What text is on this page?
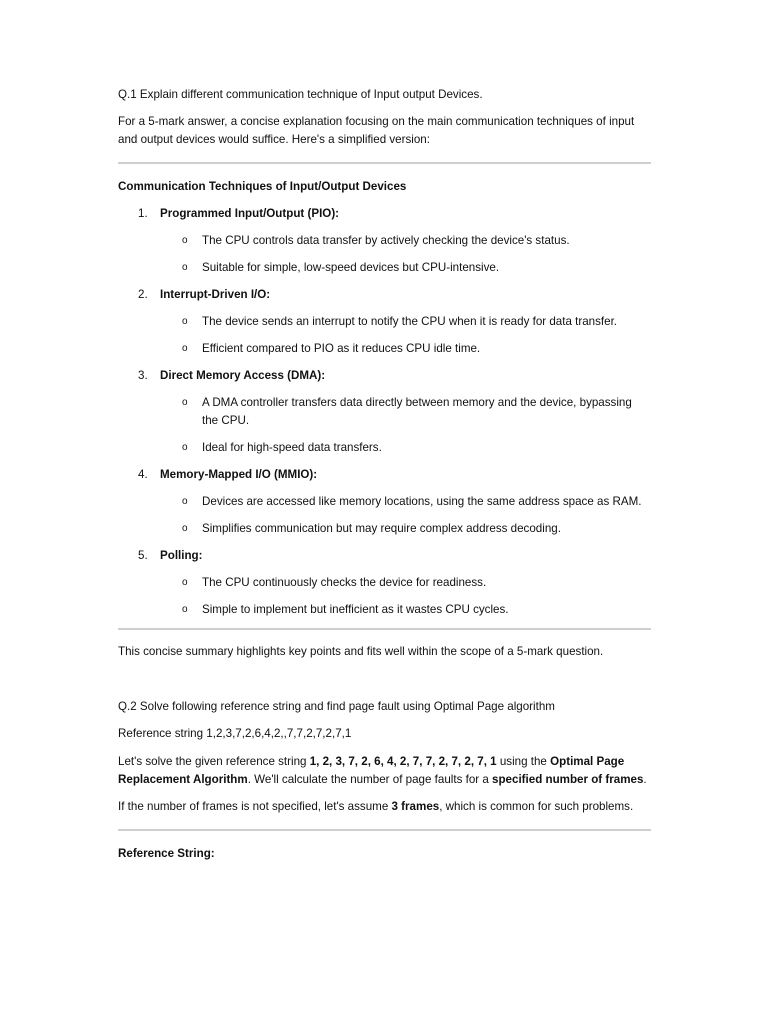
Q.1 Explain different communication technique of Input output Devices.

For a 5-mark answer, a concise explanation focusing on the main communication techniques of input and output devices would suffice. Here's a simplified version:

Communication Techniques of Input/Output Devices

1. Programmed Input/Output (PIO):
o The CPU controls data transfer by actively checking the device's status.
o Suitable for simple, low-speed devices but CPU-intensive.
2. Interrupt-Driven I/O:
o The device sends an interrupt to notify the CPU when it is ready for data transfer.
o Efficient compared to PIO as it reduces CPU idle time.
3. Direct Memory Access (DMA):
o A DMA controller transfers data directly between memory and the device, bypassing the CPU.
o Ideal for high-speed data transfers.
4. Memory-Mapped I/O (MMIO):
o Devices are accessed like memory locations, using the same address space as RAM.
o Simplifies communication but may require complex address decoding.
5. Polling:
o The CPU continuously checks the device for readiness.
o Simple to implement but inefficient as it wastes CPU cycles.

This concise summary highlights key points and fits well within the scope of a 5-mark question.

Q.2 Solve following reference string and find page fault using Optimal Page algorithm

Reference string 1,2,3,7,2,6,4,2,,7,7,2,7,2,7,1

Let's solve the given reference string 1, 2, 3, 7, 2, 6, 4, 2, 7, 7, 2, 7, 2, 7, 1 using the Optimal Page Replacement Algorithm. We'll calculate the number of page faults for a specified number of frames.

If the number of frames is not specified, let's assume 3 frames, which is common for such problems.

Reference String:
